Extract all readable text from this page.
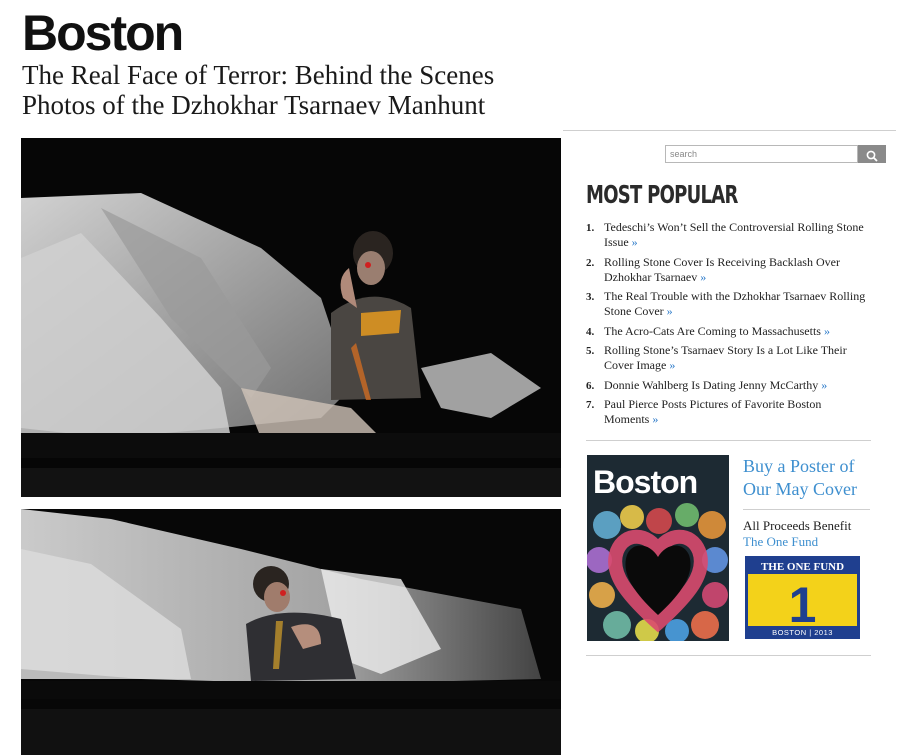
Boston
The Real Face of Terror: Behind the Scenes
Photos of the Dzhokhar Tsarnaev Manhunt
search
MOST POPULAR
1. Tedeschi’s Won’t Sell the Controversial Rolling Stone Issue »
2. Rolling Stone Cover Is Receiving Backlash Over Dzhokhar Tsarnaev »
3. The Real Trouble with the Dzhokhar Tsarnaev Rolling Stone Cover »
4. The Acro-Cats Are Coming to Massachusetts »
5. Rolling Stone’s Tsarnaev Story Is a Lot Like Their Cover Image »
6. Donnie Wahlberg Is Dating Jenny McCarthy »
7. Paul Pierce Posts Pictures of Favorite Boston Moments »
Boston	Buy a Poster of Our May Cover
All Proceeds Benefit
The One Fund
THE ONE FUND
1
BOSTON | 2013
